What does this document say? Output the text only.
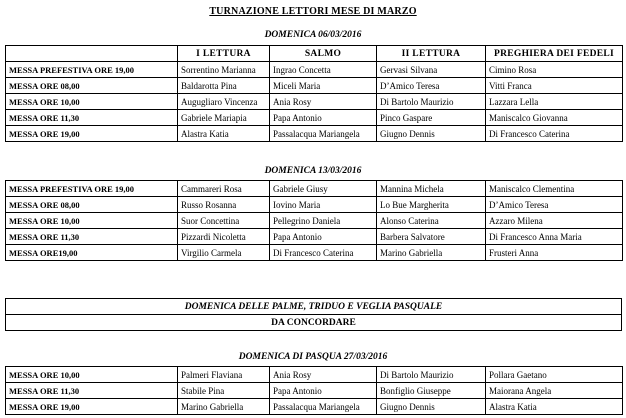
TURNAZIONE LETTORI MESE DI MARZO
DOMENICA 06/03/2016
	I LETTURA	SALMO	II LETTURA	PREGHIERA DEI FEDELI
MESSA PREFESTIVA ORE 19,00	Sorrentino Marianna	Ingrao Concetta	Gervasi Silvana	Cimino Rosa
MESSA ORE 08,00	Baldarotta Pina	Miceli Maria	D’Amico Teresa	Vitti Franca
MESSA ORE 10,00	Augugliaro Vincenza	Ania Rosy	Di Bartolo Maurizio	Lazzara Lella
MESSA ORE 11,30	Gabriele Mariapia	Papa Antonio	Pinco Gaspare	Maniscalco Giovanna
MESSA ORE 19,00	Alastra Katia	Passalacqua Mariangela	Giugno Dennis	Di Francesco Caterina
DOMENICA 13/03/2016
MESSA PREFESTIVA ORE 19,00	Cammareri Rosa	Gabriele Giusy	Mannina Michela	Maniscalco Clementina
MESSA ORE 08,00	Russo Rosanna	Iovino Maria	Lo Bue Margherita	D’Amico Teresa
MESSA ORE 10,00	Suor Concettina	Pellegrino Daniela	Alonso Caterina	Azzaro Milena
MESSA ORE 11,30	Pizzardi Nicoletta	Papa Antonio	Barbera Salvatore	Di Francesco Anna Maria
MESSA ORE19,00	Virgilio Carmela	Di Francesco Caterina	Marino Gabriella	Frusteri Anna
DOMENICA DELLE PALME, TRIDUO E VEGLIA PASQUALE
DA CONCORDARE
DOMENICA DI PASQUA 27/03/2016
MESSA ORE 10,00	Palmeri Flaviana	Ania Rosy	Di Bartolo Maurizio	Pollara Gaetano
MESSA ORE 11,30	Stabile Pina	Papa Antonio	Bonfiglio Giuseppe	Maiorana Angela
MESSA ORE 19,00	Marino Gabriella	Passalacqua Mariangela	Giugno Dennis	Alastra Katia
